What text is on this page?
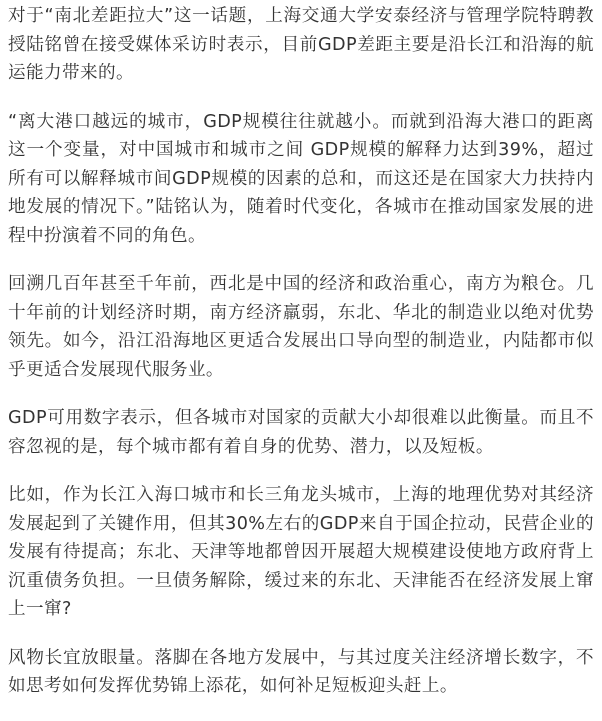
对于“南北差距拉大”这一话题，上海交通大学安泰经济与管理学院特聘教授陆铭曾在接受媒体采访时表示，目前GDP差距主要是沿长江和沿海的航运能力带来的。

“离大港口越远的城市，GDP规模往往就越小。而就到沿海大港口的距离这一个变量，对中国城市和城市之间 GDP规模的解释力达到39%，超过所有可以解释城市间GDP规模的因素的总和，而这还是在国家大力扶持内地发展的情况下。”陆铭认为，随着时代变化，各城市在推动国家发展的进程中扮演着不同的角色。

回溯几百年甚至千年前，西北是中国的经济和政治重心，南方为粮仓。几十年前的计划经济时期，南方经济羸弱，东北、华北的制造业以绝对优势领先。如今，沿江沿海地区更适合发展出口导向型的制造业，内陆都市似乎更适合发展现代服务业。

GDP可用数字表示，但各城市对国家的贡献大小却很难以此衡量。而且不容忽视的是，每个城市都有着自身的优势、潜力，以及短板。

比如，作为长江入海口城市和长三角龙头城市，上海的地理优势对其经济发展起到了关键作用，但其30%左右的GDP来自于国企拉动，民营企业的发展有待提高；东北、天津等地都曾因开展超大规模建设使地方政府背上沉重债务负担。一旦债务解除，缓过来的东北、天津能否在经济发展上窜上一窜?

风物长宜放眼量。落脚在各地方发展中，与其过度关注经济增长数字，不如思考如何发挥优势锦上添花，如何补足短板迎头赶上。
